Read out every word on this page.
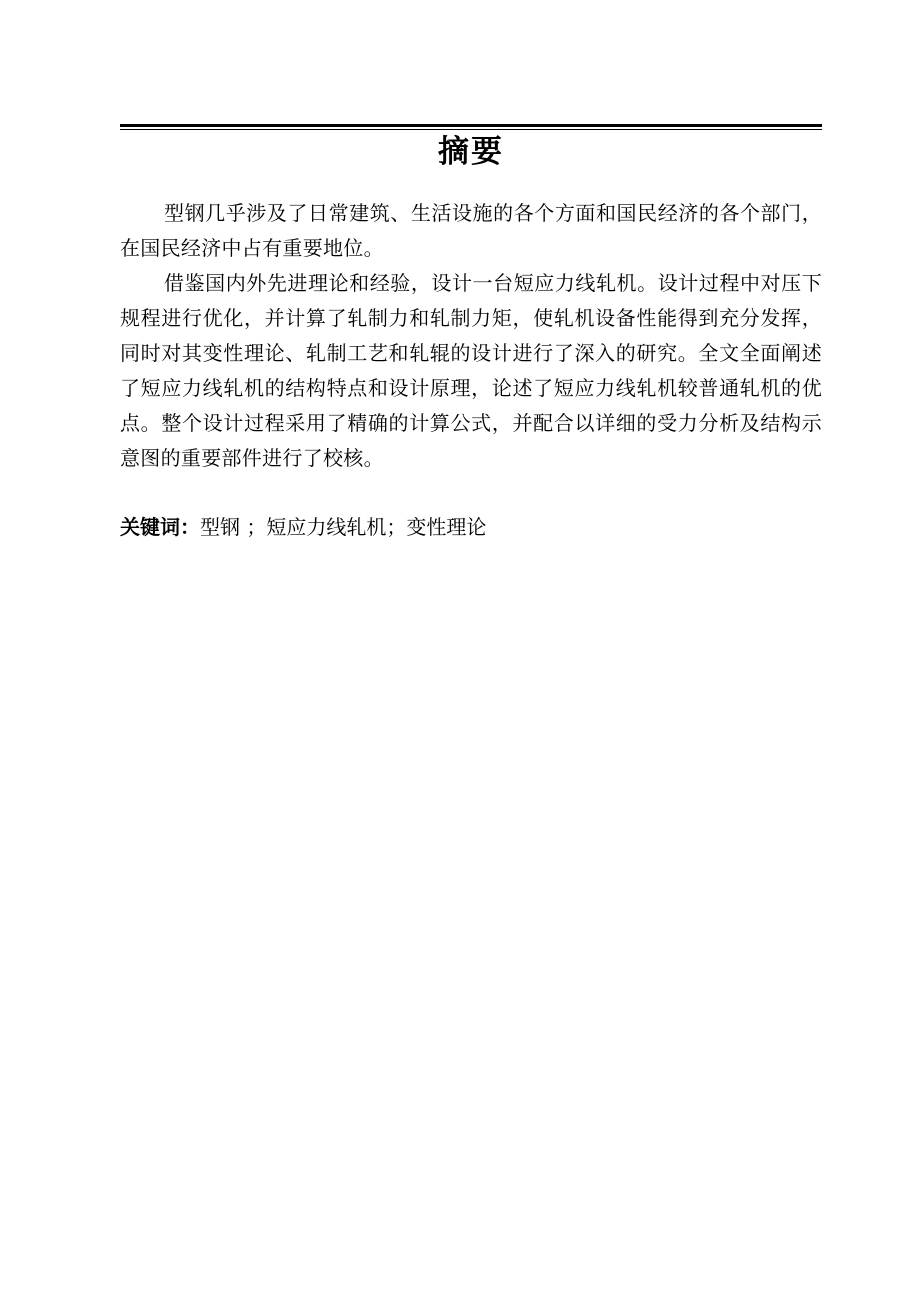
摘要

型钢几乎涉及了日常建筑、生活设施的各个方面和国民经济的各个部门，在国民经济中占有重要地位。

借鉴国内外先进理论和经验，设计一台短应力线轧机。设计过程中对压下规程进行优化，并计算了轧制力和轧制力矩，使轧机设备性能得到充分发挥，同时对其变性理论、轧制工艺和轧辊的设计进行了深入的研究。全文全面阐述了短应力线轧机的结构特点和设计原理，论述了短应力线轧机较普通轧机的优点。整个设计过程采用了精确的计算公式，并配合以详细的受力分析及结构示意图的重要部件进行了校核。

关键词：型钢 ；短应力线轧机；变性理论
